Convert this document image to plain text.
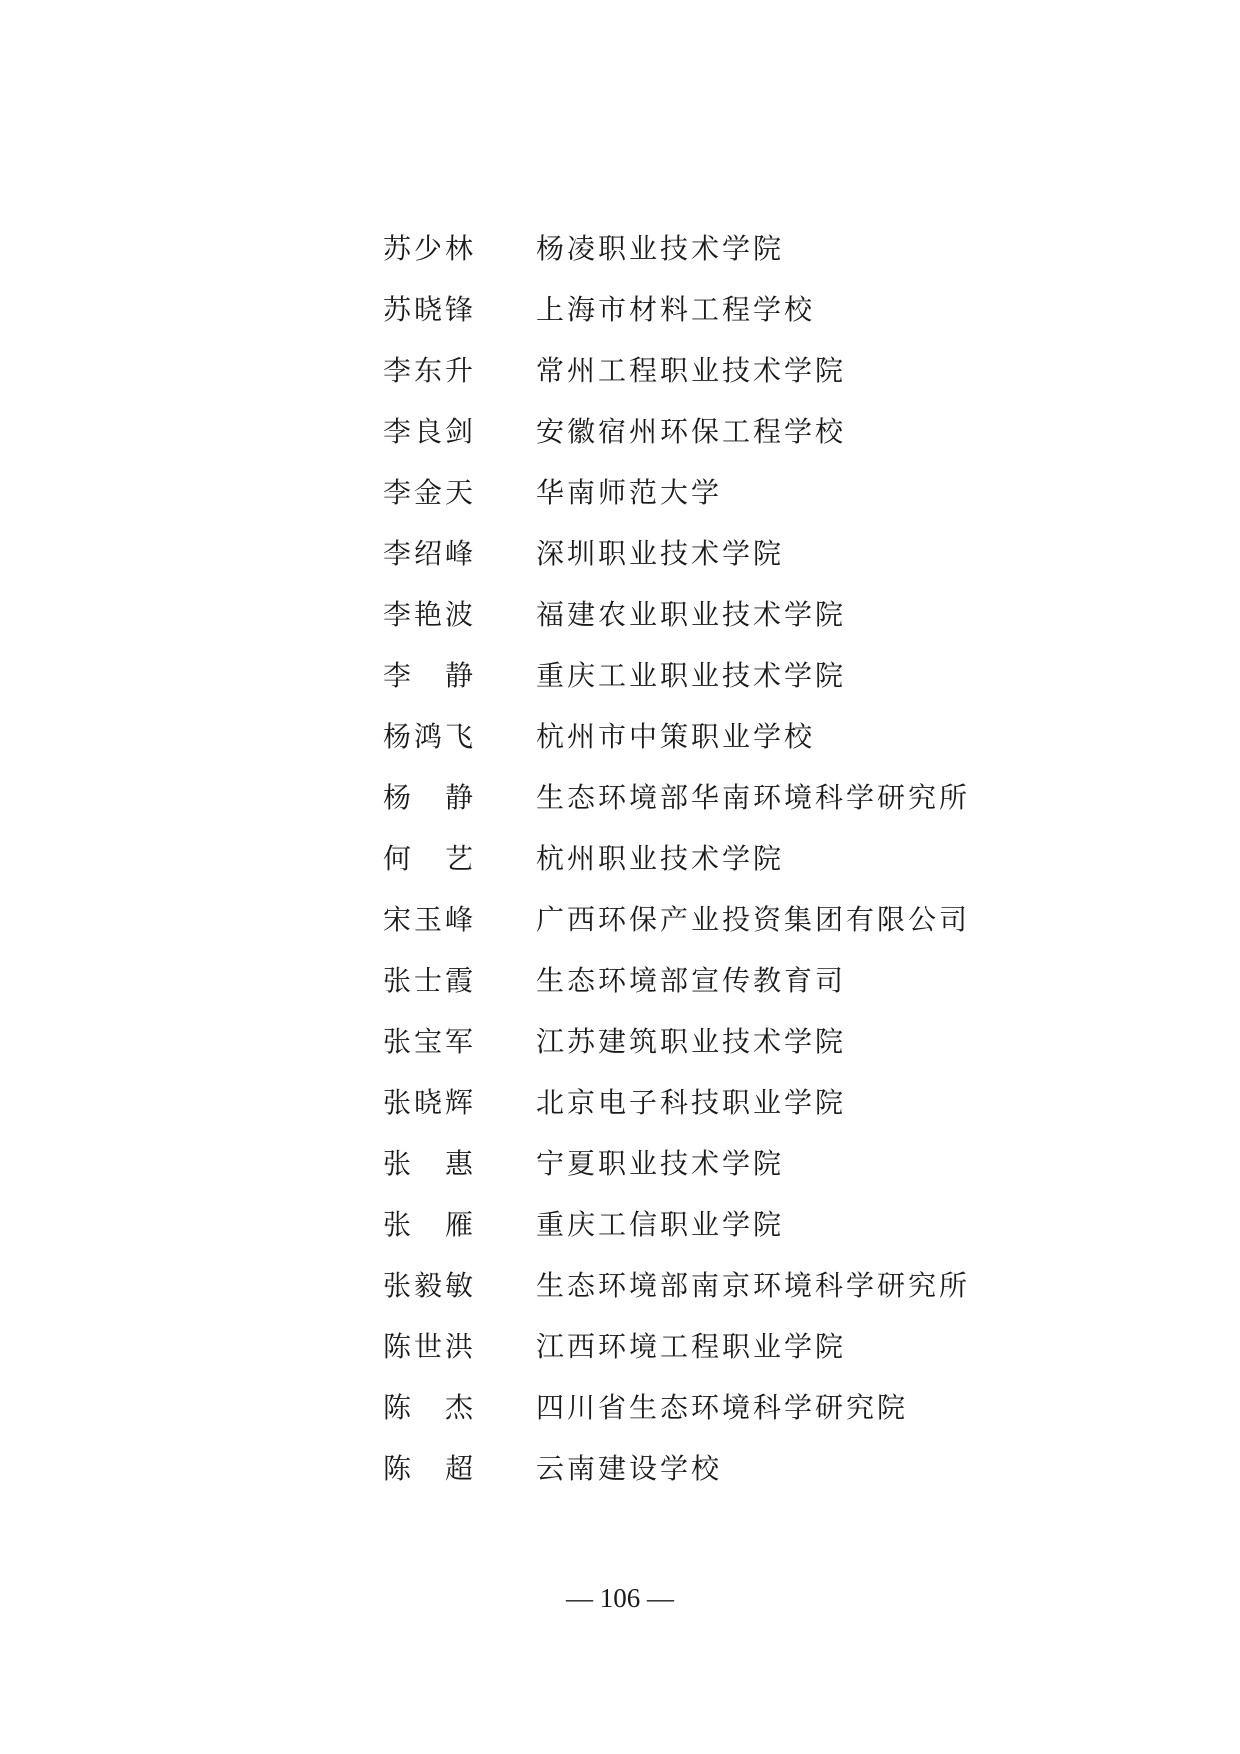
苏少林	杨凌职业技术学院
苏晓锋	上海市材料工程学校
李东升	常州工程职业技术学院
李良剑	安徽宿州环保工程学校
李金天	华南师范大学
李绍峰	深圳职业技术学院
李艳波	福建农业职业技术学院
李　静	重庆工业职业技术学院
杨鸿飞	杭州市中策职业学校
杨　静	生态环境部华南环境科学研究所
何　艺	杭州职业技术学院
宋玉峰	广西环保产业投资集团有限公司
张士霞	生态环境部宣传教育司
张宝军	江苏建筑职业技术学院
张晓辉	北京电子科技职业学院
张　惠	宁夏职业技术学院
张　雁	重庆工信职业学院
张毅敏	生态环境部南京环境科学研究所
陈世洪	江西环境工程职业学院
陈　杰	四川省生态环境科学研究院
陈　超	云南建设学校
— 106 —
